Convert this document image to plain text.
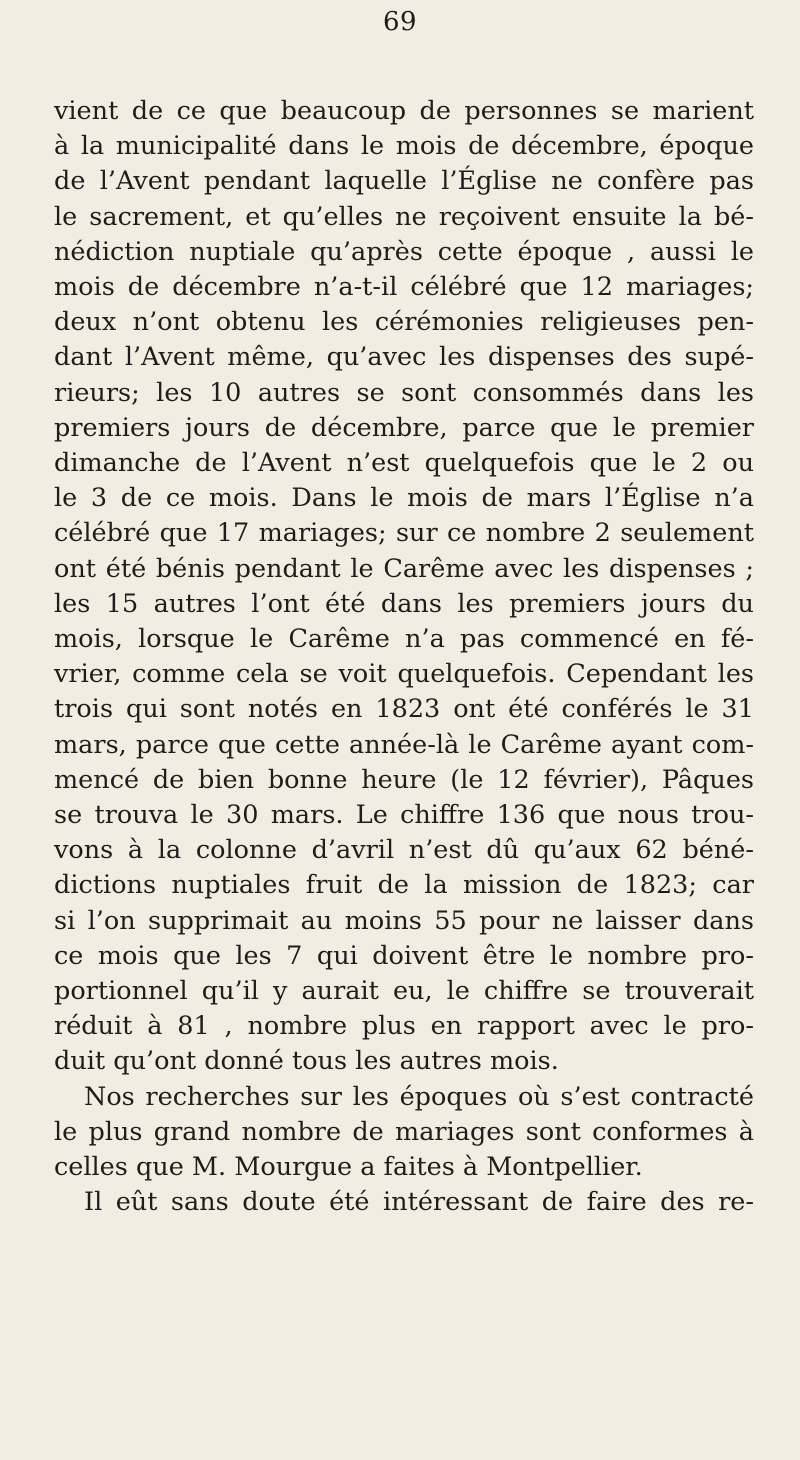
69
vient de ce que beaucoup de personnes se marient
à la municipalité dans le mois de décembre, époque
de l’Avent pendant laquelle l’Église ne confère pas
le sacrement, et qu’elles ne reçoivent ensuite la bé-
nédiction nuptiale qu’après cette époque , aussi le
mois de décembre n’a-t-il célébré que 12 mariages;
deux n’ont obtenu les cérémonies religieuses pen-
dant l’Avent même, qu’avec les dispenses des supé-
rieurs; les 10 autres se sont consommés dans les
premiers jours de décembre, parce que le premier
dimanche de l’Avent n’est quelquefois que le 2 ou
le 3 de ce mois. Dans le mois de mars l’Église n’a
célébré que 17 mariages; sur ce nombre 2 seulement
ont été bénis pendant le Carême avec les dispenses ;
les 15 autres l’ont été dans les premiers jours du
mois, lorsque le Carême n’a pas commencé en fé-
vrier, comme cela se voit quelquefois. Cependant les
trois qui sont notés en 1823 ont été conférés le 31
mars, parce que cette année-là le Carême ayant com-
mencé de bien bonne heure (le 12 février), Pâques
se trouva le 30 mars. Le chiffre 136 que nous trou-
vons à la colonne d’avril n’est dû qu’aux 62 béné-
dictions nuptiales fruit de la mission de 1823; car
si l’on supprimait au moins 55 pour ne laisser dans
ce mois que les 7 qui doivent être le nombre pro-
portionnel qu’il y aurait eu, le chiffre se trouverait
réduit à 81 , nombre plus en rapport avec le pro-
duit qu’ont donné tous les autres mois.
Nos recherches sur les époques où s’est contracté
le plus grand nombre de mariages sont conformes à
celles que M. Mourgue a faites à Montpellier.
Il eût sans doute été intéressant de faire des re-
